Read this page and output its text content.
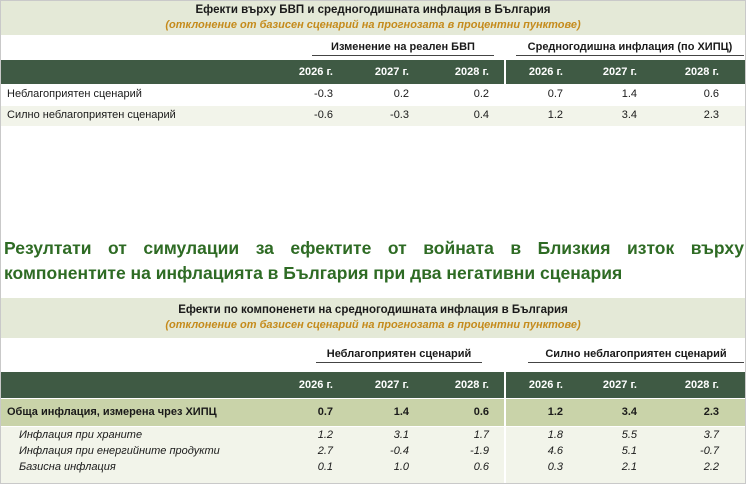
Ефекти върху БВП и средногодишната инфлация в България
(отклонение от базисен сценарий на прогнозата в процентни пунктове)
Изменение на реален БВП	Средногодишна инфлация (по ХИПЦ)
2026 г.	2027 г.	2028 г.	2026 г.	2027 г.	2028 г.
Неблагоприятен сценарий	-0.3	0.2	0.2	0.7	1.4	0.6
Силно неблагоприятен сценарий	-0.6	-0.3	0.4	1.2	3.4	2.3
Резултати от симулации за ефектите от войната в Близкия изток върху компонентите на инфлацията в България при два негативни сценария
Ефекти по компоненети на средногодишната инфлация в България
(отклонение от базисен сценарий на прогнозата в процентни пунктове)
Неблагоприятен сценарий	Силно неблагоприятен сценарий
2026 г.	2027 г.	2028 г.	2026 г.	2027 г.	2028 г.
Обща инфлация, измерена чрез ХИПЦ	0.7	1.4	0.6	1.2	3.4	2.3
Инфлация при храните	1.2	3.1	1.7	1.8	5.5	3.7
Инфлация при енергийните продукти	2.7	-0.4	-1.9	4.6	5.1	-0.7
Базисна инфлация	0.1	1.0	0.6	0.3	2.1	2.2
